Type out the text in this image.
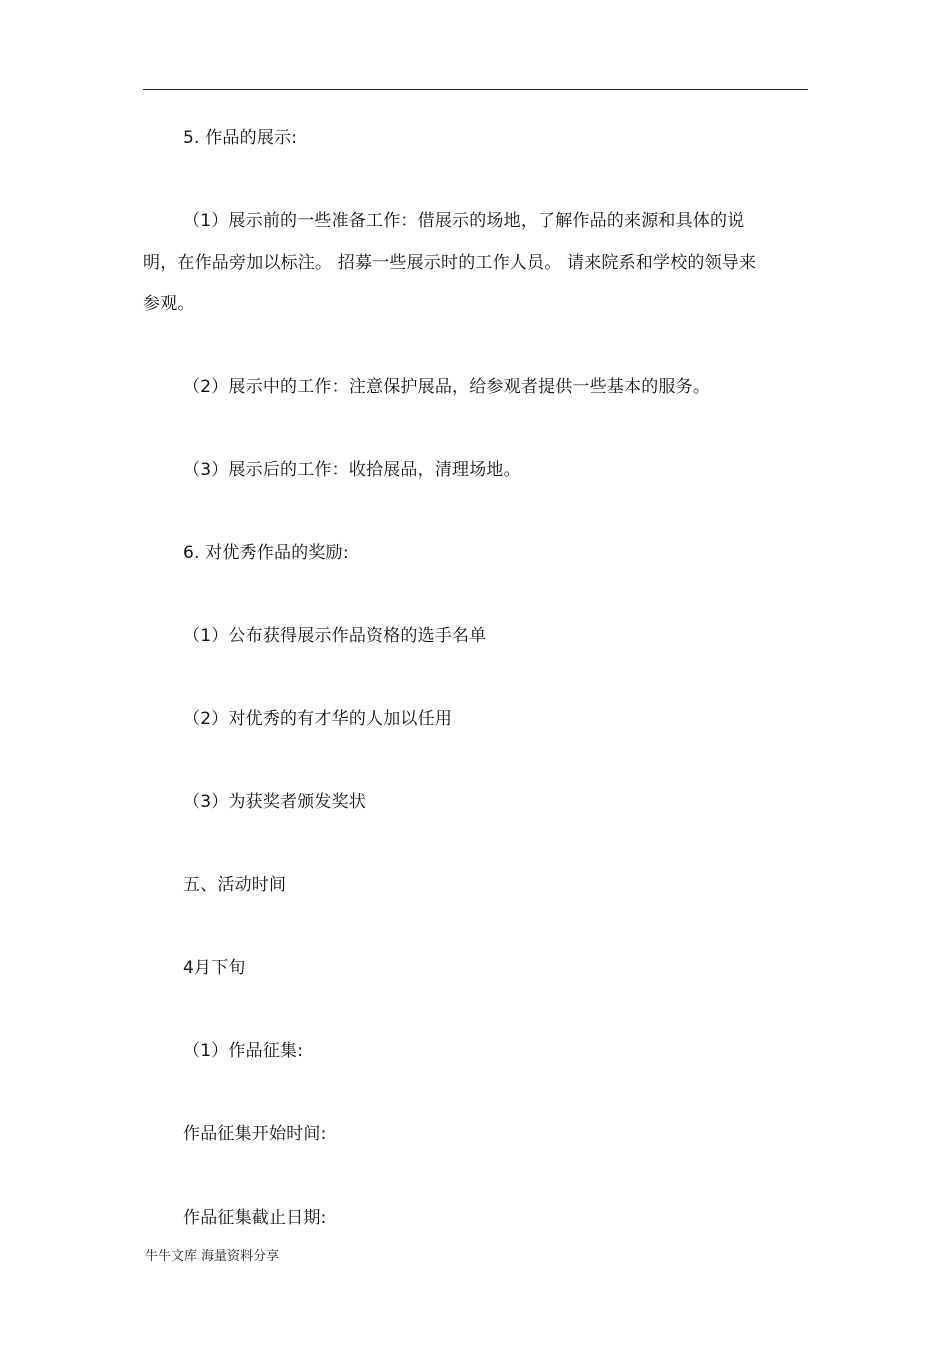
5. 作品的展示:
（1）展示前的一些准备工作：借展示的场地，了解作品的来源和具体的说
明，在作品旁加以标注。 招募一些展示时的工作人员。 请来院系和学校的领导来
参观。
（2）展示中的工作：注意保护展品，给参观者提供一些基本的服务。
（3）展示后的工作：收拾展品，清理场地。
6. 对优秀作品的奖励:
（1）公布获得展示作品资格的选手名单
（2）对优秀的有才华的人加以任用
（3）为获奖者颁发奖状
五、活动时间
4月下旬
（1）作品征集:
作品征集开始时间:
作品征集截止日期:
牛牛文库 海量资料分享
